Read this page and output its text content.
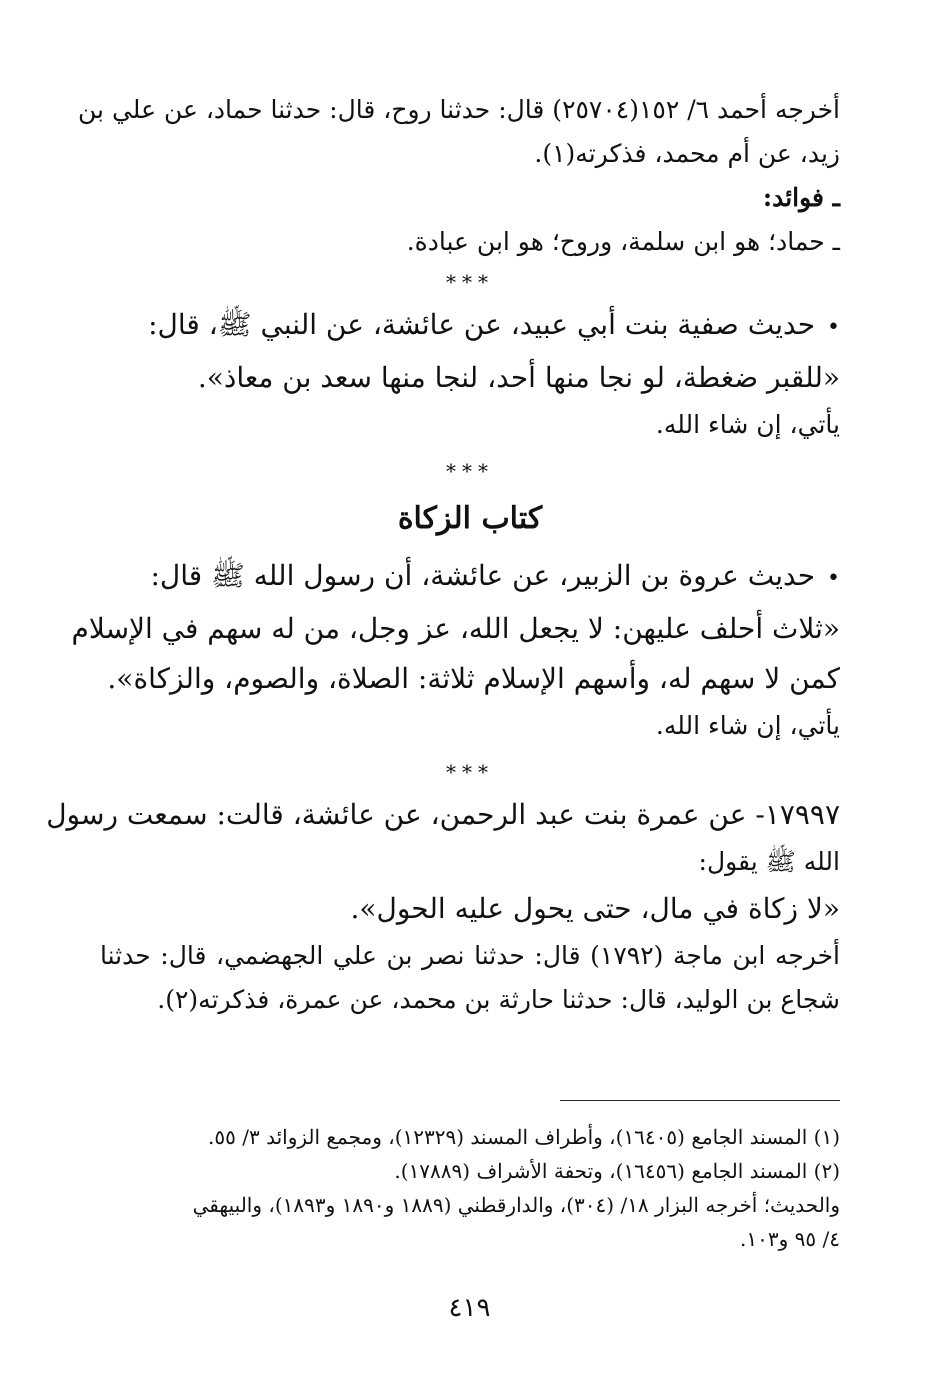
أخرجه أحمد ٦/ ١٥٢(٢٥٧٠٤) قال: حدثنا روح، قال: حدثنا حماد، عن علي بن
زيد، عن أم محمد، فذكرته(١).
ـ فوائد:
ـ حماد؛ هو ابن سلمة، وروح؛ هو ابن عبادة.
***
•حديث صفية بنت أبي عبيد، عن عائشة، عن النبي ﷺ، قال:
«للقبر ضغطة، لو نجا منها أحد، لنجا منها سعد بن معاذ».
يأتي، إن شاء الله.
***
كتاب الزكاة
•حديث عروة بن الزبير، عن عائشة، أن رسول الله ﷺ قال:
«ثلاث أحلف عليهن: لا يجعل الله، عز وجل، من له سهم في الإسلام
كمن لا سهم له، وأسهم الإسلام ثلاثة: الصلاة، والصوم، والزكاة».
يأتي، إن شاء الله.
***
١٧٩٩٧- عن عمرة بنت عبد الرحمن، عن عائشة، قالت: سمعت رسول
الله ﷺ يقول:
«لا زكاة في مال، حتى يحول عليه الحول».
أخرجه ابن ماجة (١٧٩٢) قال: حدثنا نصر بن علي الجهضمي، قال: حدثنا
شجاع بن الوليد، قال: حدثنا حارثة بن محمد، عن عمرة، فذكرته(٢).
(١) المسند الجامع (١٦٤٠٥)، وأطراف المسند (١٢٣٢٩)، ومجمع الزوائد ٣/ ٥٥.
(٢) المسند الجامع (١٦٤٥٦)، وتحفة الأشراف (١٧٨٨٩).
والحديث؛ أخرجه البزار ١٨/ (٣٠٤)، والدارقطني (١٨٨٩ و١٨٩٠ و١٨٩٣)، والبيهقي
٤/ ٩٥ و١٠٣.
٤١٩
